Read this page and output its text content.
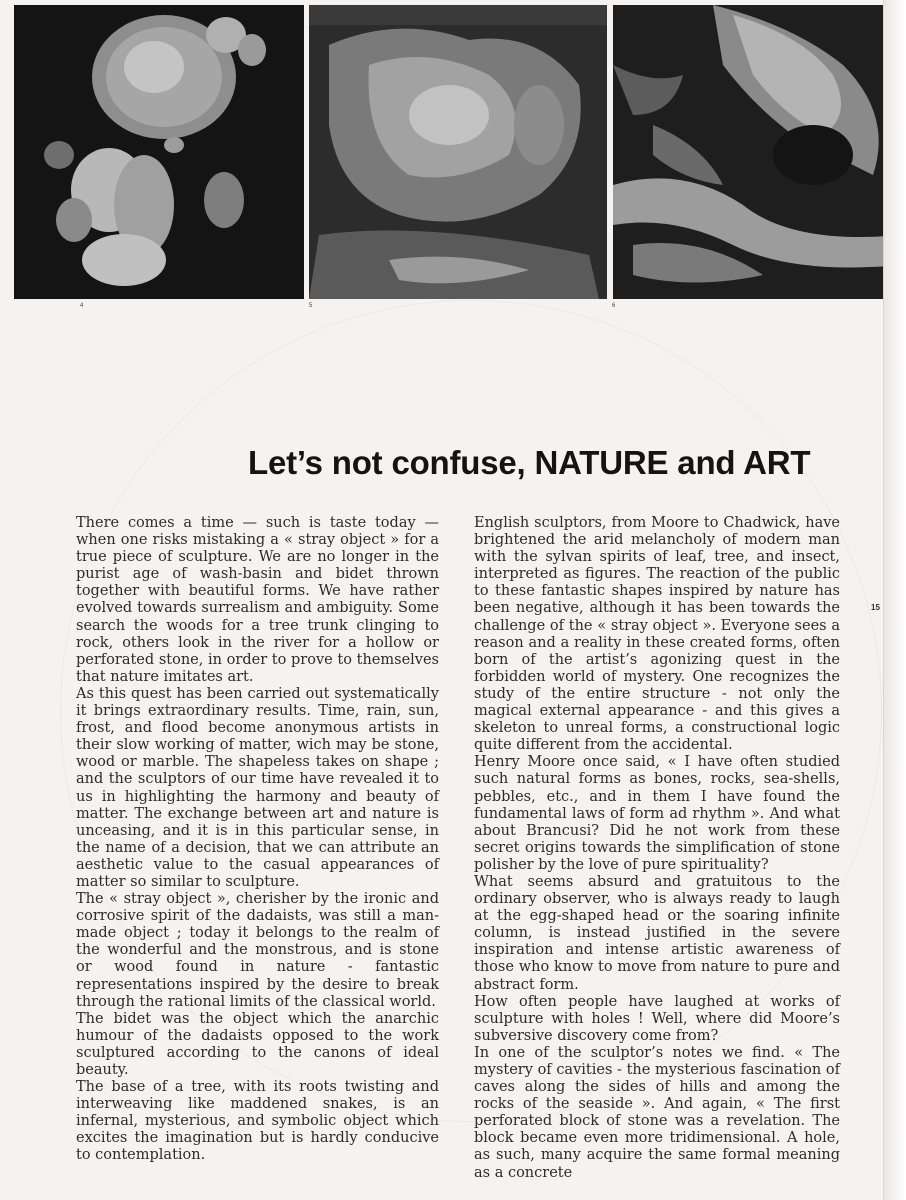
4	5	6
Let’s not confuse, NATURE and ART

There comes a time — such is taste today — when one risks mistaking a « stray object » for a true piece of sculpture. We are no longer in the purist age of wash-basin and bidet thrown together with beautiful forms. We have rather evolved towards surrealism and ambiguity. Some search the woods for a tree trunk clinging to rock, others look in the river for a hollow or perforated stone, in order to prove to themselves that nature imitates art.

As this quest has been carried out systematically it brings extraordinary results. Time, rain, sun, frost, and flood become anonymous artists in their slow working of matter, wich may be stone, wood or marble. The shapeless takes on shape ; and the sculptors of our time have revealed it to us in highlighting the harmony and beauty of matter. The exchange between art and nature is unceasing, and it is in this particular sense, in the name of a decision, that we can attribute an aesthetic value to the casual appearances of matter so similar to sculpture.

The « stray object », cherisher by the ironic and corrosive spirit of the dadaists, was still a man-made object ; today it belongs to the realm of the wonderful and the monstrous, and is stone or wood found in nature - fantastic representations inspired by the desire to break through the rational limits of the classical world.

The bidet was the object which the anarchic humour of the dadaists opposed to the work sculptured according to the canons of ideal beauty.

The base of a tree, with its roots twisting and interweaving like maddened snakes, is an infernal, mysterious, and symbolic object which excites the imagination but is hardly conducive to contemplation.

English sculptors, from Moore to Chadwick, have brightened the arid melancholy of modern man with the sylvan spirits of leaf, tree, and insect, interpreted as figures. The reaction of the public to these fantastic shapes inspired by nature has been negative, although it has been towards the challenge of the « stray object ». Everyone sees a reason and a reality in these created forms, often born of the artist’s agonizing quest in the forbidden world of mystery. One recognizes the study of the entire structure - not only the magical external appearance - and this gives a skeleton to unreal forms, a constructional logic quite different from the accidental.

Henry Moore once said, « I have often studied such natural forms as bones, rocks, sea-shells, pebbles, etc., and in them I have found the fundamental laws of form ad rhythm ». And what about Brancusi? Did he not work from these secret origins towards the simplification of stone polisher by the love of pure spirituality?

What seems absurd and gratuitous to the ordinary observer, who is always ready to laugh at the egg-shaped head or the soaring infinite column, is instead justified in the severe inspiration and intense artistic awareness of those who know to move from nature to pure and abstract form.

How often people have laughed at works of sculpture with holes ! Well, where did Moore’s subversive discovery come from?

In one of the sculptor’s notes we find. « The mystery of cavities - the mysterious fascination of caves along the sides of hills and among the rocks of the seaside ». And again, « The first perforated block of stone was a revelation. The block became even more tridimensional. A hole, as such, many acquire the same formal meaning as a concrete

15
